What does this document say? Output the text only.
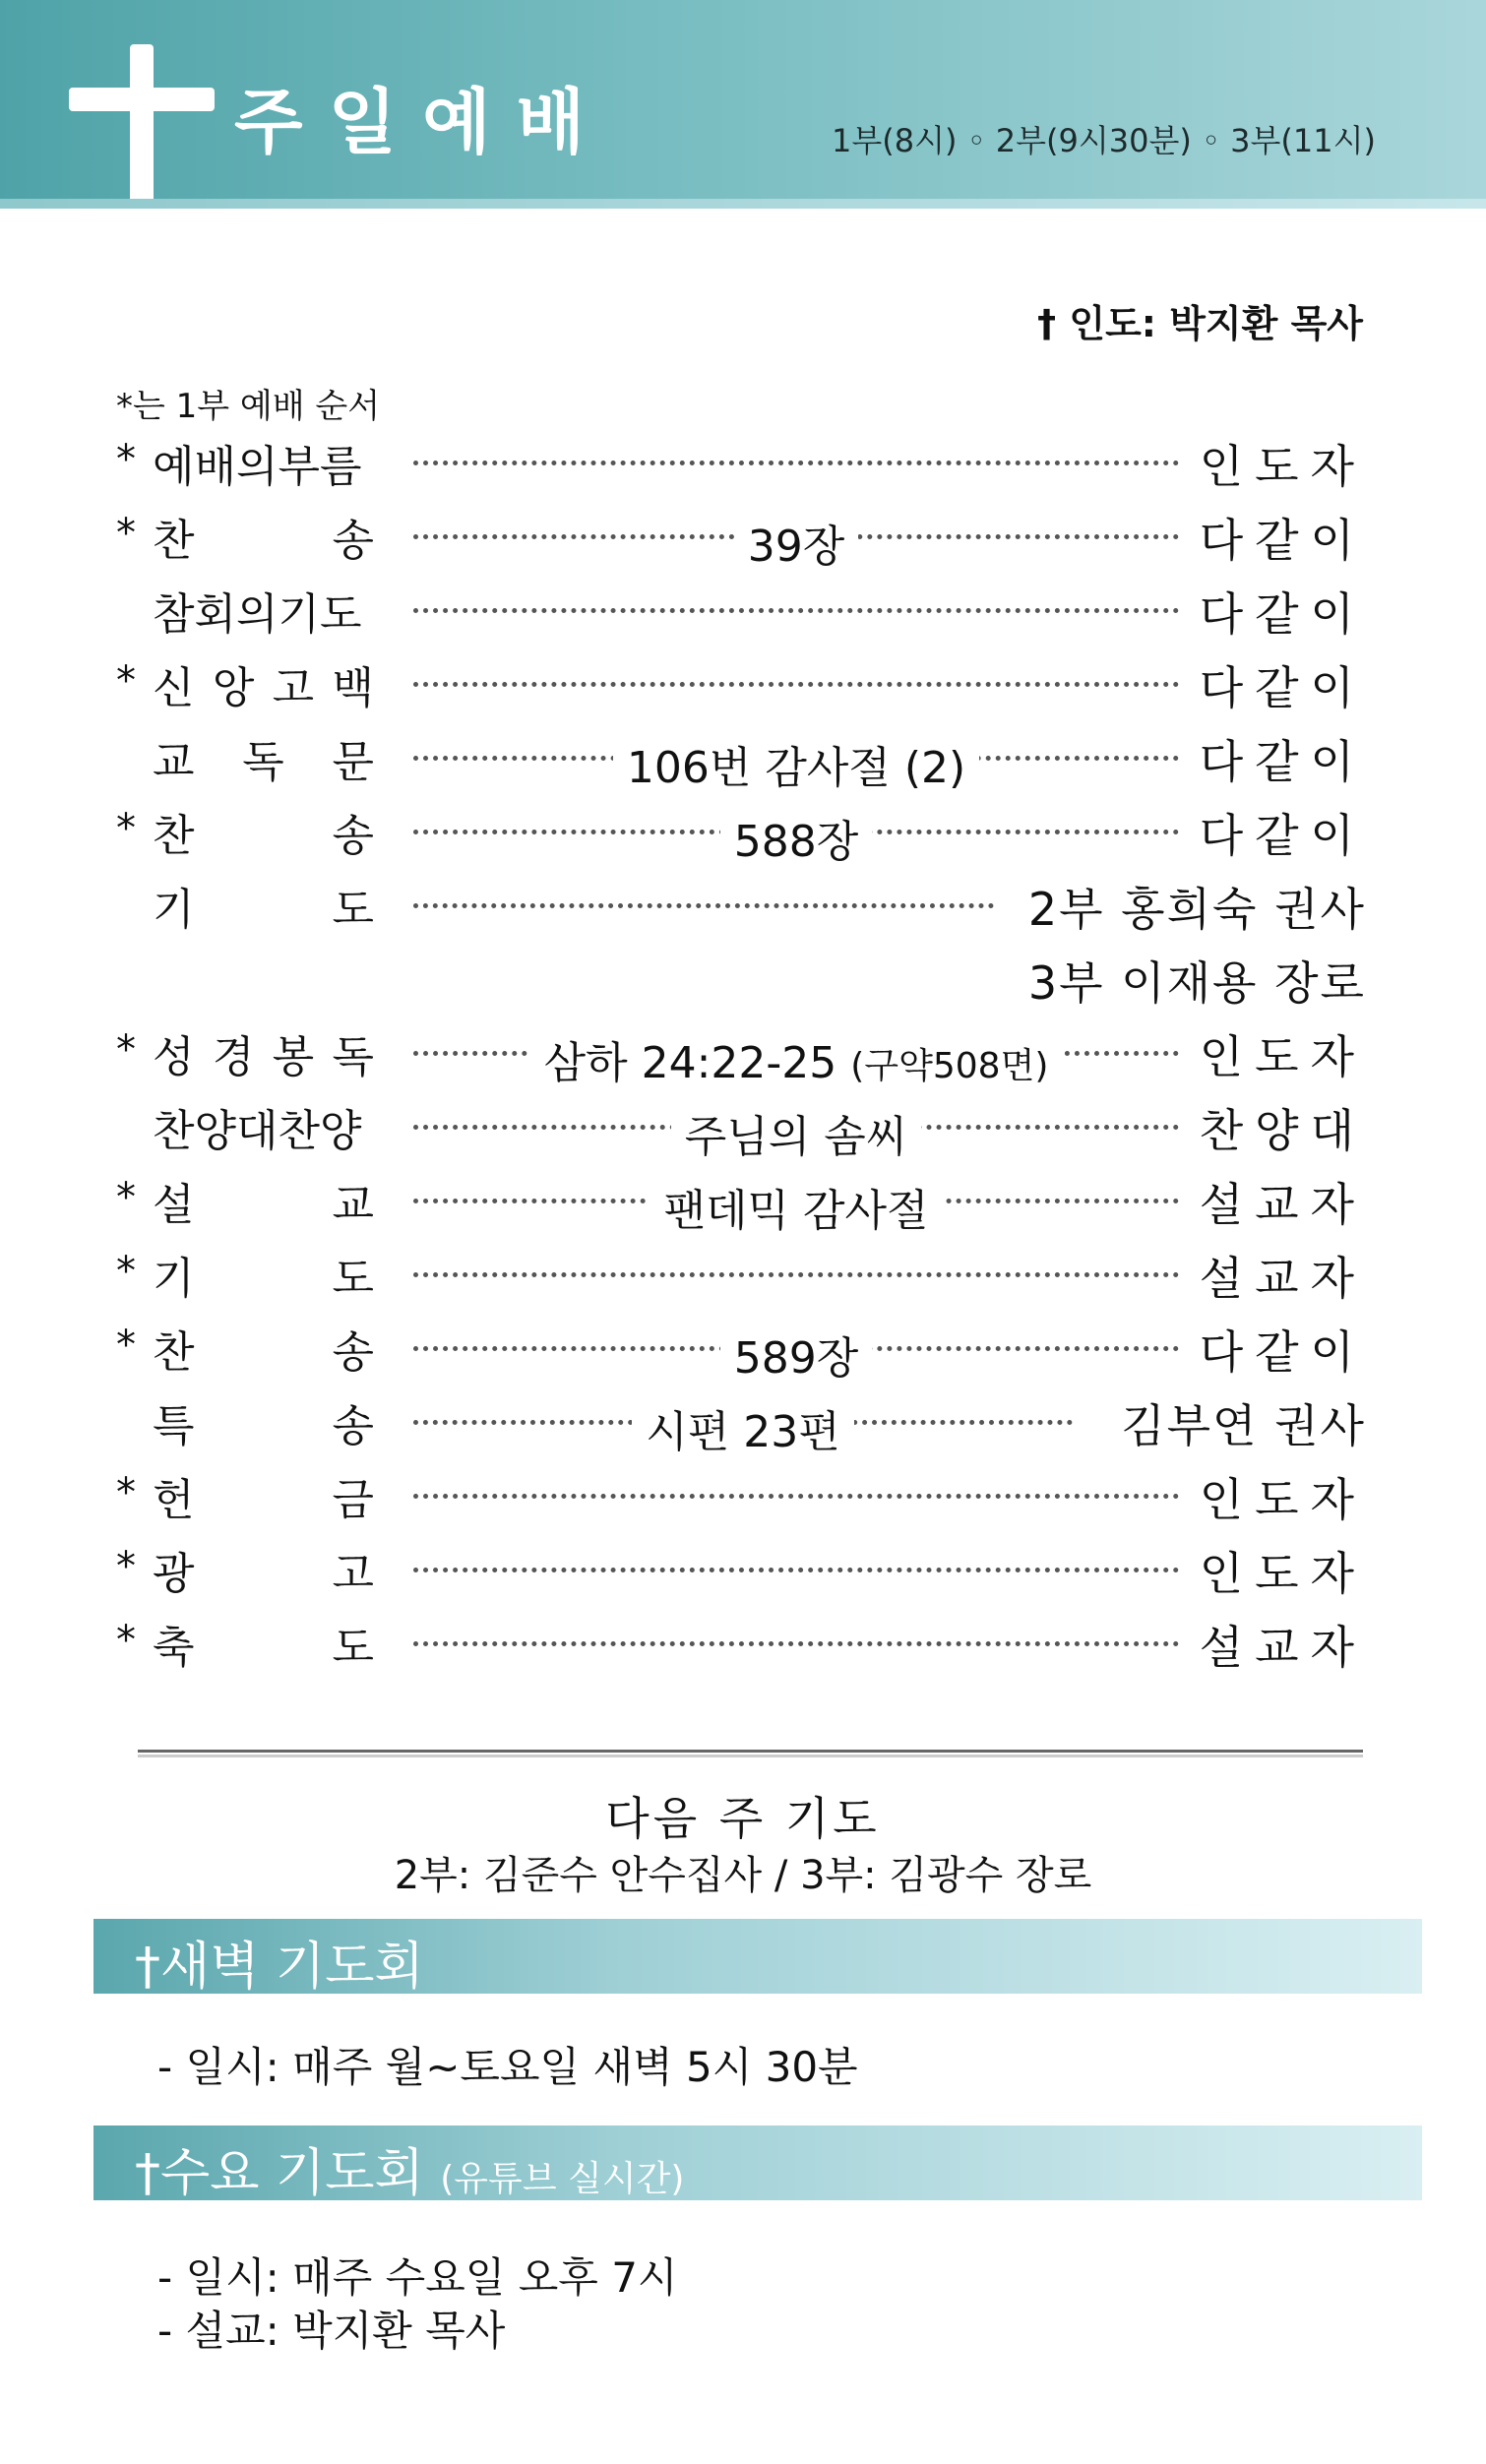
주일예배	1부(8시) ◦ 2부(9시30분) ◦ 3부(11시)
† 인도: 박지환 목사
*는 1부 예배 순서
* 예배의부름	인도자
* 찬	송	39장	다같이
참회의기도	다같이
* 신 앙 고 백	다같이
교 독 문	106번 감사절 (2)	다같이
* 찬	송	588장	다같이
기	도	2부 홍희숙 권사
3부 이재용 장로
* 성 경 봉 독	삼하 24:22-25 (구약508면)	인도자
찬양대찬양	주님의 솜씨	찬양대
* 설	교	팬데믹 감사절	설교자
* 기	도	설교자
* 찬	송	589장	다같이
특	송	시편 23편	김부연 권사
* 헌	금	인도자
* 광	고	인도자
* 축	도	설교자
다음 주 기도
2부: 김준수 안수집사 / 3부: 김광수 장로
†새벽 기도회
- 일시: 매주 월~토요일 새벽 5시 30분
†수요 기도회 (유튜브 실시간)
- 일시: 매주 수요일 오후 7시
- 설교: 박지환 목사
